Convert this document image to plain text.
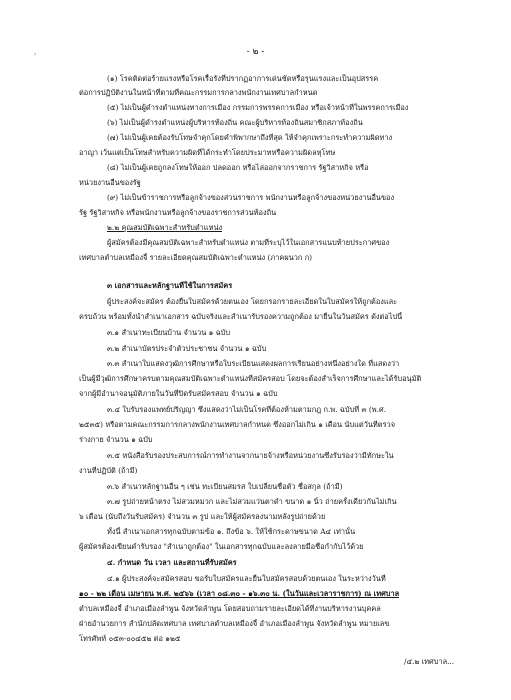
- ๒ -
'
(๑) โรคติดต่อร้ายแรงหรือโรคเรื้อรังที่ปรากฏอาการเด่นชัดหรือรุนแรงและเป็นอุปสรรค
ต่อการปฏิบัติงานในหน้าที่ตามที่คณะกรรมการกลางพนักงานเทศบาลกำหนด
(๕) ไม่เป็นผู้ดำรงตำแหน่งทางการเมือง กรรมการพรรคการเมือง หรือเจ้าหน้าที่ในพรรคการเมือง
(๖) ไม่เป็นผู้ดำรงตำแหน่งผู้บริหารท้องถิ่น คณะผู้บริหารท้องถิ่นสมาชิกสภาท้องถิ่น
(๗) ไม่เป็นผู้เคยต้องรับโทษจำคุกโดยคำพิพากษาถึงที่สุด ให้จำคุกเพราะกระทำความผิดทาง
อาญา เว้นแต่เป็นโทษสำหรับความผิดที่ได้กระทำโดยประมาทหรือความผิดลหุโทษ
(๘) ไม่เป็นผู้เคยถูกลงโทษให้ออก ปลดออก หรือไล่ออกจากราชการ รัฐวิสาหกิจ หรือ
หน่วยงานอื่นของรัฐ
(๙) ไม่เป็นข้าราชการหรือลูกจ้างของส่วนราชการ พนักงานหรือลูกจ้างของหน่วยงานอื่นของ
รัฐ รัฐวิสาหกิจ หรือพนักงานหรือลูกจ้างของราชการส่วนท้องถิ่น
๒.๒ คุณสมบัติเฉพาะสำหรับตำแหน่ง
ผู้สมัครต้องมีคุณสมบัติเฉพาะสำหรับตำแหน่ง ตามที่ระบุไว้ในเอกสารแนบท้ายประกาศของ
เทศบาลตำบลเหมืองจี้ รายละเอียดคุณสมบัติเฉพาะตำแหน่ง (ภาคผนวก ก)
๓ เอกสารและหลักฐานที่ใช้ในการสมัคร
ผู้ประสงค์จะสมัคร ต้องยื่นใบสมัครด้วยตนเอง โดยกรอกรายละเอียดในใบสมัครให้ถูกต้องและ
ครบถ้วน พร้อมทั้งนำสำเนาเอกสาร ฉบับจริงและสำเนารับรองความถูกต้อง มายื่นในวันสมัคร ดังต่อไปนี้
๓.๑ สำเนาทะเบียนบ้าน จำนวน ๑ ฉบับ
๓.๒ สำเนาบัตรประจำตัวประชาชน จำนวน ๑ ฉบับ
๓.๓ สำเนาใบแสดงวุฒิการศึกษาหรือใบระเบียนแสดงผลการเรียนอย่างหนึ่งอย่างใด ที่แสดงว่า
เป็นผู้มีวุฒิการศึกษาครบตามคุณสมบัติเฉพาะตำแหน่งที่สมัครสอบ โดยจะต้องสำเร็จการศึกษาและได้รับอนุมัติ
จากผู้มีอำนาจอนุมัติภายในวันที่ปิดรับสมัครสอบ จำนวน ๑ ฉบับ
๓.๔ ใบรับรองแพทย์ปริญญา ซึ่งแสดงว่าไม่เป็นโรคที่ต้องห้ามตามกฎ ก.พ. ฉบับที่ ๓ (พ.ศ.
๒๕๓๕) หรือตามคณะกรรมการกลางพนักงานเทศบาลกำหนด ซึ่งออกไม่เกิน ๑ เดือน นับแต่วันที่ตรวจ
ร่างกาย จำนวน ๑ ฉบับ
๓.๕ หนังสือรับรองประสบการณ์การทำงานจากนายจ้างหรือหน่วยงานซึ่งรับรองว่ามีทักษะใน
งานที่ปฏิบัติ (ถ้ามี)
๓.๖ สำเนาหลักฐานอื่น ๆ เช่น ทะเบียนสมรส ใบเปลี่ยนชื่อตัว ชื่อสกุล (ถ้ามี)
๓.๗ รูปถ่ายหน้าตรง ไม่สวมหมวก และไม่สวมแว่นตาดำ ขนาด ๑ นิ้ว ถ่ายครั้งเดียวกันไม่เกิน
๖ เดือน (นับถึงวันรับสมัคร) จำนวน ๓ รูป และให้ผู้สมัครลงนามหลังรูปถ่ายด้วย
ทั้งนี้ สำเนาเอกสารทุกฉบับตามข้อ ๑. ถึงข้อ ๖. ให้ใช้กระดาษขนาด A๔ เท่านั้น
ผู้สมัครต้องเขียนคำรับรอง "สำเนาถูกต้อง" ในเอกสารทุกฉบับและลงลายมือชื่อกำกับไว้ด้วย
๔. กำหนด วัน เวลา และสถานที่รับสมัคร
๔.๑ ผู้ประสงค์จะสมัครสอบ ขอรับใบสมัครและยื่นใบสมัครสอบด้วยตนเอง ในระหว่างวันที่
๑๐ - ๒๒ เดือน เมษายน พ.ศ. ๒๕๖๖ (เวลา ๐๘.๓๐ - ๑๖.๓๐ น. (ในวันและเวลาราชการ) ณ เทศบาล
ตำบลเหมืองจี้ อำเภอเมืองลำพูน จังหวัดลำพูน โดยสอบถามรายละเอียดได้ที่งานบริหารงานบุคคล
ฝ่ายอำนวยการ สำนักปลัดเทศบาล เทศบาลตำบลเหมืองจี้ อำเภอเมืองลำพูน จังหวัดลำพูน หมายเลข
โทรศัพท์ ๐๕๓-๐๐๔๕๒ ต่อ ๑๒๕
/๔.๒ เทศบาล...
